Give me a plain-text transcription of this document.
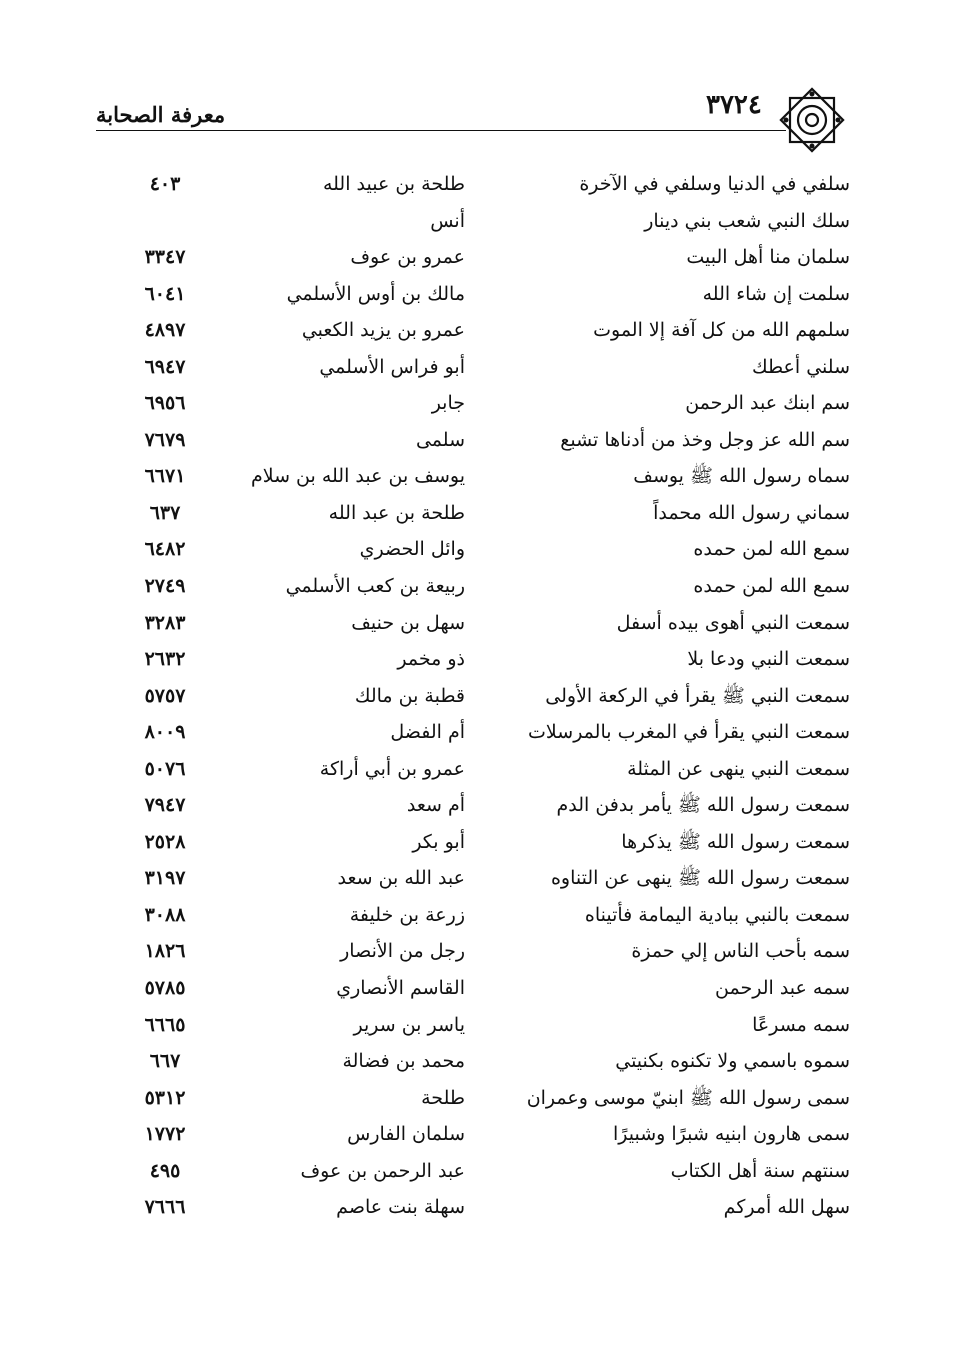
معرفة الصحابة	٣٧٢٤
سلفي في الدنيا وسلفي في الآخرة
طلحة بن عبيد الله
٤٠٣
سلك النبي شعب بني دينار
أنس
سلمان منا أهل البيت
عمرو بن عوف
٣٣٤٧
سلمت إن شاء الله
مالك بن أوس الأسلمي
٦٠٤١
سلمهم الله من كل آفة إلا الموت
عمرو بن يزيد الكعبي
٤٨٩٧
سلني أعطك
أبو فراس الأسلمي
٦٩٤٧
سم ابنك عبد الرحمن
جابر
٦٩٥٦
سم الله عز وجل وخذ من أدناها تشبع
سلمى
٧٦٧٩
سماه رسول الله ﷺ يوسف
يوسف بن عبد الله بن سلام
٦٦٧١
سماني رسول الله محمداً
طلحة بن عبد الله
٦٣٧
سمع الله لمن حمده
وائل الحضري
٦٤٨٢
سمع الله لمن حمده
ربيعة بن كعب الأسلمي
٢٧٤٩
سمعت النبي أهوى بيده أسفل
سهل بن حنيف
٣٢٨٣
سمعت النبي ودعا بلا
ذو مخمر
٢٦٣٢
سمعت النبي ﷺ يقرأ في الركعة الأولى
قطبة بن مالك
٥٧٥٧
سمعت النبي يقرأ في المغرب بالمرسلات
أم الفضل
٨٠٠٩
سمعت النبي ينهى عن المثلة
عمرو بن أبي أراكة
٥٠٧٦
سمعت رسول الله ﷺ يأمر بدفن الدم
أم سعد
٧٩٤٧
سمعت رسول الله ﷺ يذكرها
أبو بكر
٢٥٢٨
سمعت رسول الله ﷺ ينهى عن التناوه
عبد الله بن سعد
٣١٩٧
سمعت بالنبي ببادية اليمامة فأتيناه
زرعة بن خليفة
٣٠٨٨
سمه بأحب الناس إلي حمزة
رجل من الأنصار
١٨٢٦
سمه عبد الرحمن
القاسم الأنصاري
٥٧٨٥
سمه مسرعًا
ياسر بن سرير
٦٦٦٥
سموه باسمي ولا تكنوه بكنيتي
محمد بن فضالة
٦٦٧
سمى رسول الله ﷺ ابنيّ موسى وعمران
طلحة
٥٣١٢
سمى هارون ابنيه شبرًا وشبيرًا
سلمان الفارس
١٧٧٢
سنتهم سنة أهل الكتاب
عبد الرحمن بن عوف
٤٩٥
سهل الله أمركم
سهلة بنت عاصم
٧٦٦٦
